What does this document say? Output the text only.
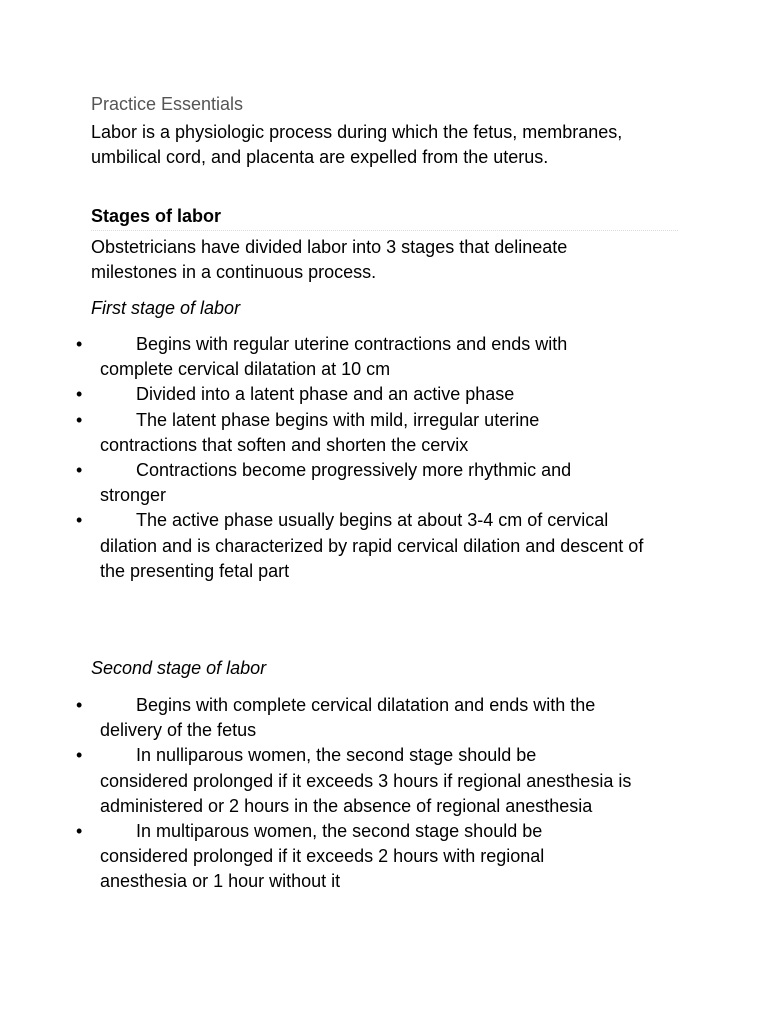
Practice Essentials
Labor is a physiologic process during which the fetus, membranes, umbilical cord, and placenta are expelled from the uterus.
Stages of labor
Obstetricians have divided labor into 3 stages that delineate milestones in a continuous process.
First stage of labor
•	Begins with regular uterine contractions and ends with
complete cervical dilatation at 10 cm
•	Divided into a latent phase and an active phase
•	The latent phase begins with mild, irregular uterine
contractions that soften and shorten the cervix
•	Contractions become progressively more rhythmic and
stronger
•	The active phase usually begins at about 3-4 cm of cervical
dilation and is characterized by rapid cervical dilation and descent of the presenting fetal part
Second stage of labor
•	Begins with complete cervical dilatation and ends with the
delivery of the fetus
•	In nulliparous women, the second stage should be
considered prolonged if it exceeds 3 hours if regional anesthesia is administered or 2 hours in the absence of regional anesthesia
•	In multiparous women, the second stage should be
considered prolonged if it exceeds 2 hours with regional anesthesia or 1 hour without it
